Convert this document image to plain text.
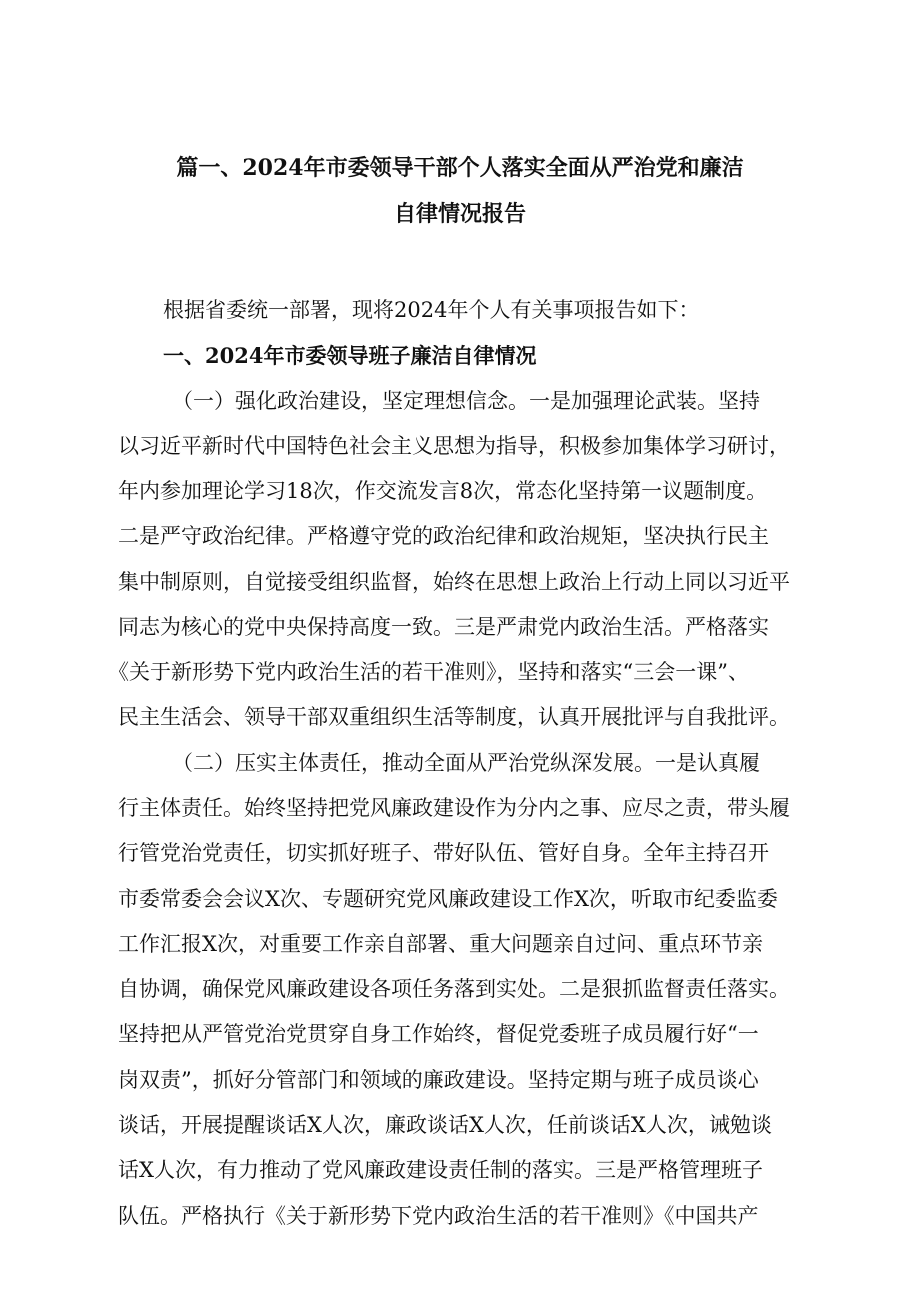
篇一、2024年市委领导干部个人落实全面从严治党和廉洁
自律情况报告
根据省委统一部署，现将2024年个人有关事项报告如下：
一、2024年市委领导班子廉洁自律情况
（一）强化政治建设，坚定理想信念。一是加强理论武装。坚持
以习近平新时代中国特色社会主义思想为指导，积极参加集体学习研讨，
年内参加理论学习18次，作交流发言8次，常态化坚持第一议题制度。
二是严守政治纪律。严格遵守党的政治纪律和政治规矩，坚决执行民主
集中制原则，自觉接受组织监督，始终在思想上政治上行动上同以习近平
同志为核心的党中央保持高度一致。三是严肃党内政治生活。严格落实
《关于新形势下党内政治生活的若干准则》，坚持和落实“三会一课”、
民主生活会、领导干部双重组织生活等制度，认真开展批评与自我批评。
（二）压实主体责任，推动全面从严治党纵深发展。一是认真履
行主体责任。始终坚持把党风廉政建设作为分内之事、应尽之责，带头履
行管党治党责任，切实抓好班子、带好队伍、管好自身。全年主持召开
市委常委会会议X次、专题研究党风廉政建设工作X次，听取市纪委监委
工作汇报X次，对重要工作亲自部署、重大问题亲自过问、重点环节亲
自协调，确保党风廉政建设各项任务落到实处。二是狠抓监督责任落实。
坚持把从严管党治党贯穿自身工作始终，督促党委班子成员履行好“一
岗双责”，抓好分管部门和领域的廉政建设。坚持定期与班子成员谈心
谈话，开展提醒谈话X人次，廉政谈话X人次，任前谈话X人次，诫勉谈
话X人次，有力推动了党风廉政建设责任制的落实。三是严格管理班子
队伍。严格执行《关于新形势下党内政治生活的若干准则》《中国共产
